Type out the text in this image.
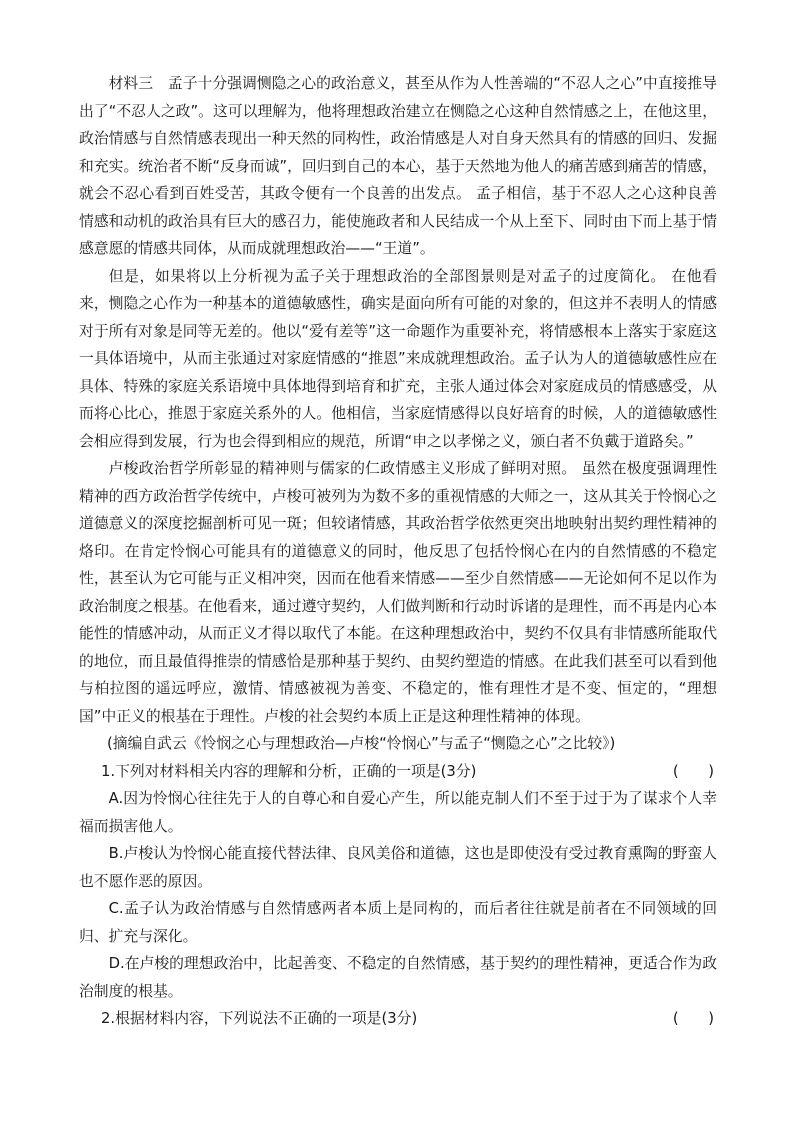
材料三　孟子十分强调恻隐之心的政治意义，甚至从作为人性善端的“不忍人之心”中直接推导出了“不忍人之政”。这可以理解为，他将理想政治建立在恻隐之心这种自然情感之上，在他这里，政治情感与自然情感表现出一种天然的同构性，政治情感是人对自身天然具有的情感的回归、发掘和充实。统治者不断“反身而诚”，回归到自己的本心，基于天然地为他人的痛苦感到痛苦的情感，就会不忍心看到百姓受苦，其政令便有一个良善的出发点。 孟子相信，基于不忍人之心这种良善情感和动机的政治具有巨大的感召力，能使施政者和人民结成一个从上至下、同时由下而上基于情感意愿的情感共同体，从而成就理想政治——“王道”。

但是，如果将以上分析视为孟子关于理想政治的全部图景则是对孟子的过度简化。 在他看来，恻隐之心作为一种基本的道德敏感性，确实是面向所有可能的对象的，但这并不表明人的情感对于所有对象是同等无差的。他以“爱有差等”这一命题作为重要补充，将情感根本上落实于家庭这一具体语境中，从而主张通过对家庭情感的“推恩”来成就理想政治。孟子认为人的道德敏感性应在具体、特殊的家庭关系语境中具体地得到培育和扩充，主张人通过体会对家庭成员的情感感受，从而将心比心，推恩于家庭关系外的人。他相信，当家庭情感得以良好培育的时候，人的道德敏感性会相应得到发展，行为也会得到相应的规范，所谓“申之以孝悌之义，颁白者不负戴于道路矣。”

卢梭政治哲学所彰显的精神则与儒家的仁政情感主义形成了鲜明对照。 虽然在极度强调理性精神的西方政治哲学传统中，卢梭可被列为为数不多的重视情感的大师之一，这从其关于怜悯心之道德意义的深度挖掘剖析可见一斑；但较诸情感，其政治哲学依然更突出地映射出契约理性精神的烙印。在肯定怜悯心可能具有的道德意义的同时，他反思了包括怜悯心在内的自然情感的不稳定性，甚至认为它可能与正义相冲突，因而在他看来情感——至少自然情感——无论如何不足以作为政治制度之根基。在他看来，通过遵守契约，人们做判断和行动时诉诸的是理性，而不再是内心本能性的情感冲动，从而正义才得以取代了本能。在这种理想政治中，契约不仅具有非情感所能取代的地位，而且最值得推崇的情感恰是那种基于契约、由契约塑造的情感。在此我们甚至可以看到他与柏拉图的遥远呼应，激情、情感被视为善变、不稳定的，惟有理性才是不变、恒定的，“理想国”中正义的根基在于理性。卢梭的社会契约本质上正是这种理性精神的体现。

(摘编自武云《怜悯之心与理想政治—卢梭“怜悯心”与孟子“恻隐之心”之比较》)

1.下列对材料相关内容的理解和分析，正确的一项是(3分)	(　　)

A.因为怜悯心往往先于人的自尊心和自爱心产生，所以能克制人们不至于过于为了谋求个人幸福而损害他人。

B.卢梭认为怜悯心能直接代替法律、良风美俗和道德，这也是即使没有受过教育熏陶的野蛮人也不愿作恶的原因。

C.孟子认为政治情感与自然情感两者本质上是同构的，而后者往往就是前者在不同领域的回归、扩充与深化。

D.在卢梭的理想政治中，比起善变、不稳定的自然情感，基于契约的理性精神，更适合作为政治制度的根基。

2.根据材料内容，下列说法不正确的一项是(3分)	(　　)
